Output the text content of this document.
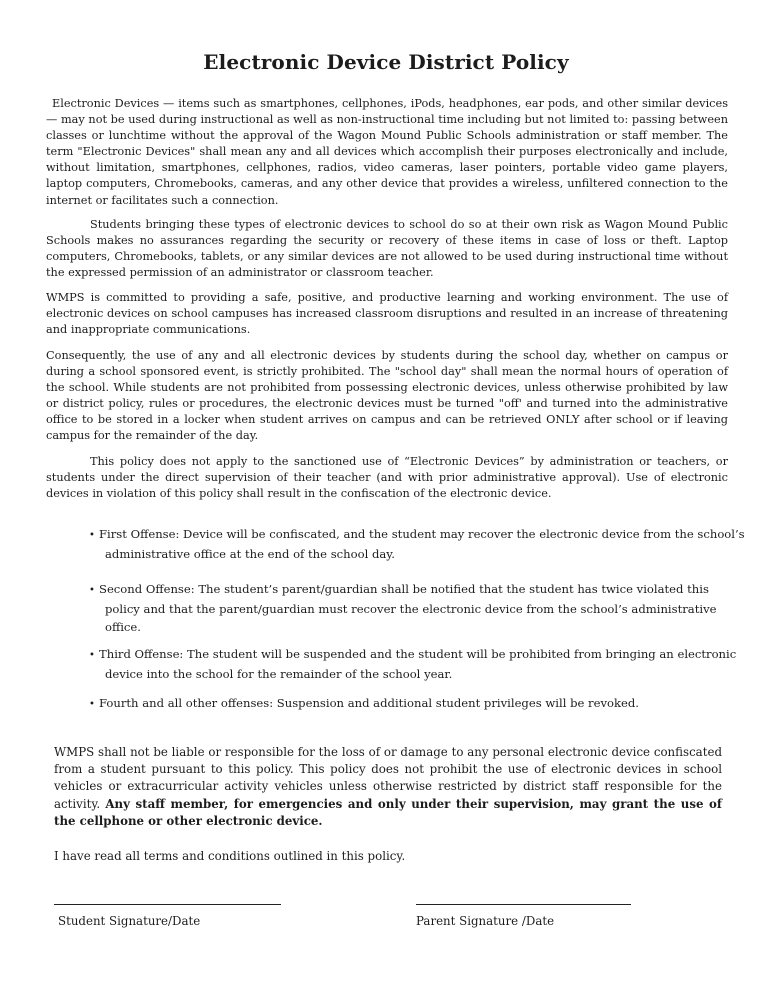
Electronic Device District Policy

Electronic Devices — items such as smartphones, cellphones, iPods, headphones, ear pods, and other similar devices — may not be used during instructional as well as non-instructional time including but not limited to: passing between classes or lunchtime without the approval of the Wagon Mound Public Schools administration or staff member. The term "Electronic Devices" shall mean any and all devices which accomplish their purposes electronically and include, without limitation, smartphones, cellphones, radios, video cameras, laser pointers, portable video game players, laptop computers, Chromebooks, cameras, and any other device that provides a wireless, unfiltered connection to the internet or facilitates such a connection.

Students bringing these types of electronic devices to school do so at their own risk as Wagon Mound Public Schools makes no assurances regarding the security or recovery of these items in case of loss or theft. Laptop computers, Chromebooks, tablets, or any similar devices are not allowed to be used during instructional time without the expressed permission of an administrator or classroom teacher.

WMPS is committed to providing a safe, positive, and productive learning and working environment. The use of electronic devices on school campuses has increased classroom disruptions and resulted in an increase of threatening and inappropriate communications.

Consequently, the use of any and all electronic devices by students during the school day, whether on campus or during a school sponsored event, is strictly prohibited. The "school day" shall mean the normal hours of operation of the school. While students are not prohibited from possessing electronic devices, unless otherwise prohibited by law or district policy, rules or procedures, the electronic devices must be turned "off' and turned into the administrative office to be stored in a locker when student arrives on campus and can be retrieved ONLY after school or if leaving campus for the remainder of the day.

This policy does not apply to the sanctioned use of “Electronic Devices” by administration or teachers, or students under the direct supervision of their teacher (and with prior administrative approval). Use of electronic devices in violation of this policy shall result in the confiscation of the electronic device.

• First Offense: Device will be confiscated, and the student may recover the electronic device from the school’s administrative office at the end of the school day.
• Second Offense: The student’s parent/guardian shall be notified that the student has twice violated this policy and that the parent/guardian must recover the electronic device from the school’s administrative office.
• Third Offense: The student will be suspended and the student will be prohibited from bringing an electronic device into the school for the remainder of the school year.
• Fourth and all other offenses: Suspension and additional student privileges will be revoked.

WMPS shall not be liable or responsible for the loss of or damage to any personal electronic device confiscated from a student pursuant to this policy. This policy does not prohibit the use of electronic devices in school vehicles or extracurricular activity vehicles unless otherwise restricted by district staff responsible for the activity. Any staff member, for emergencies and only under their supervision, may grant the use of the cellphone or other electronic device.

I have read all terms and conditions outlined in this policy.

Student Signature/Date	Parent Signature /Date
